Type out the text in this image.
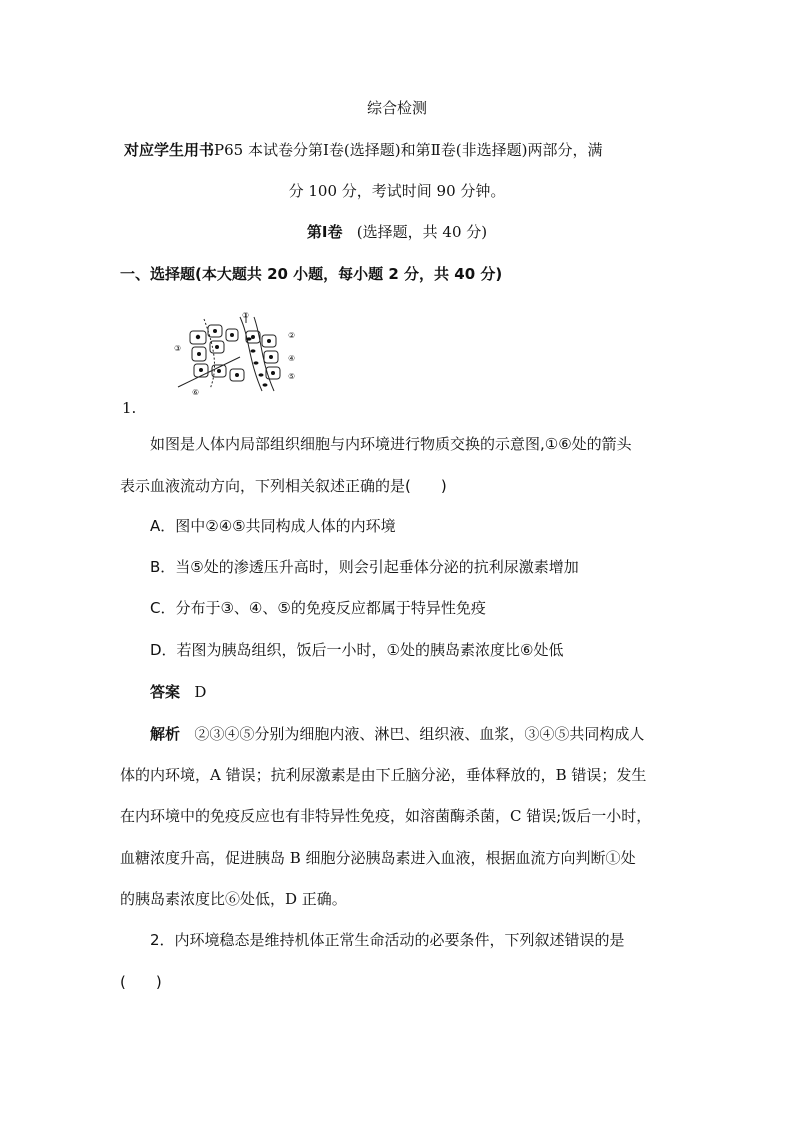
综合检测
对应学生用书P65 本试卷分第Ⅰ卷(选择题)和第Ⅱ卷(非选择题)两部分，满
分 100 分，考试时间 90 分钟。
第Ⅰ卷 (选择题，共 40 分)
一、选择题(本大题共 20 小题，每小题 2 分，共 40 分)
①
②
③
④
⑤
⑥
1.
如图是人体内局部组织细胞与内环境进行物质交换的示意图,①⑥处的箭头
表示血液流动方向，下列相关叙述正确的是(　　)
A．图中②④⑤共同构成人体的内环境
B．当⑤处的渗透压升高时，则会引起垂体分泌的抗利尿激素增加
C．分布于③、④、⑤的免疫反应都属于特异性免疫
D．若图为胰岛组织，饭后一小时，①处的胰岛素浓度比⑥处低
答案 D
解析 ②③④⑤分别为细胞内液、淋巴、组织液、血浆，③④⑤共同构成人
体的内环境，A 错误；抗利尿激素是由下丘脑分泌，垂体释放的，B 错误；发生
在内环境中的免疫反应也有非特异性免疫，如溶菌酶杀菌，C 错误;饭后一小时，
血糖浓度升高，促进胰岛 B 细胞分泌胰岛素进入血液，根据血流方向判断①处
的胰岛素浓度比⑥处低，D 正确。
2．内环境稳态是维持机体正常生命活动的必要条件，下列叙述错误的是
(　　)
